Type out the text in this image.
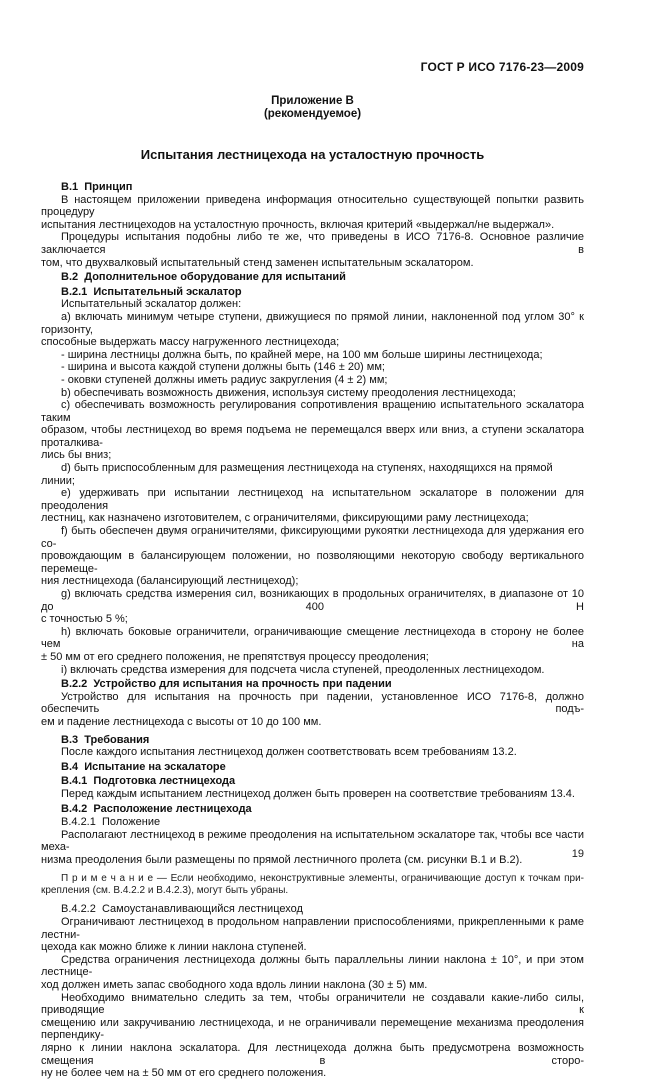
ГОСТ Р ИСО 7176-23—2009
Приложение В
(рекомендуемое)
Испытания лестницехода на усталостную прочность
В.1  Принцип
В настоящем приложении приведена информация относительно существующей попытки развить процедуру
испытания лестницеходов на усталостную прочность, включая критерий «выдержал/не выдержал».
Процедуры испытания подобны либо те же, что приведены в ИСО 7176-8. Основное различие заключается в
том, что двухвалковый испытательный стенд заменен испытательным эскалатором.
В.2  Дополнительное оборудование для испытаний
В.2.1  Испытательный эскалатор
Испытательный эскалатор должен:
a) включать минимум четыре ступени, движущиеся по прямой линии, наклоненной под углом 30° к горизонту,
способные выдержать массу нагруженного лестницехода;
- ширина лестницы должна быть, по крайней мере, на 100 мм больше ширины лестницехода;
- ширина и высота каждой ступени должны быть (146 ± 20) мм;
- оковки ступеней должны иметь радиус закругления (4 ± 2) мм;
b) обеспечивать возможность движения, используя систему преодоления лестницехода;
c) обеспечивать возможность регулирования сопротивления вращению испытательного эскалатора таким
образом, чтобы лестницеход во время подъема не перемещался вверх или вниз, а ступени эскалатора проталкива-
лись бы вниз;
d) быть приспособленным для размещения лестницехода на ступенях, находящихся на прямой линии;
e) удерживать при испытании лестницеход на испытательном эскалаторе в положении для преодоления
лестниц, как назначено изготовителем, с ограничителями, фиксирующими раму лестницехода;
f) быть обеспечен двумя ограничителями, фиксирующими рукоятки лестницехода для удержания его со-
провождающим в балансирующем положении, но позволяющими некоторую свободу вертикального перемеще-
ния лестницехода (балансирующий лестницеход);
g) включать средства измерения сил, возникающих в продольных ограничителях, в диапазоне от 10 до 400 Н
с точностью 5 %;
h) включать боковые ограничители, ограничивающие смещение лестницехода в сторону не более чем на
± 50 мм от его среднего положения, не препятствуя процессу преодоления;
i) включать средства измерения для подсчета числа ступеней, преодоленных лестницеходом.
В.2.2  Устройство для испытания на прочность при падении
Устройство для испытания на прочность при падении, установленное ИСО 7176-8, должно обеспечить подъ-
ем и падение лестницехода с высоты от 10 до 100 мм.
В.3  Требования
После каждого испытания лестницеход должен соответствовать всем требованиям 13.2.
В.4  Испытание на эскалаторе
В.4.1  Подготовка лестницехода
Перед каждым испытанием лестницеход должен быть проверен на соответствие требованиям 13.4.
В.4.2  Расположение лестницехода
В.4.2.1  Положение
Располагают лестницеход в режиме преодоления на испытательном эскалаторе так, чтобы все части меха-
низма преодоления были размещены по прямой лестничного пролета (см. рисунки В.1 и В.2).
П р и м е ч а н и е — Если необходимо, неконструктивные элементы, ограничивающие доступ к точкам при-
крепления (см. В.4.2.2 и В.4.2.3), могут быть убраны.
В.4.2.2  Самоустанавливающийся лестницеход
Ограничивают лестницеход в продольном направлении приспособлениями, прикрепленными к раме лестни-
цехода как можно ближе к линии наклона ступеней.
Средства ограничения лестницехода должны быть параллельны линии наклона ± 10°, и при этом лестнице-
ход должен иметь запас свободного хода вдоль линии наклона (30 ± 5) мм.
Необходимо внимательно следить за тем, чтобы ограничители не создавали какие-либо силы, приводящие к
смещению или закручиванию лестницехода, и не ограничивали перемещение механизма преодоления перпендику-
лярно к линии наклона эскалатора. Для лестницехода должна быть предусмотрена возможность смещения в сторо-
ну не более чем на ± 50 мм от его среднего положения.
19
